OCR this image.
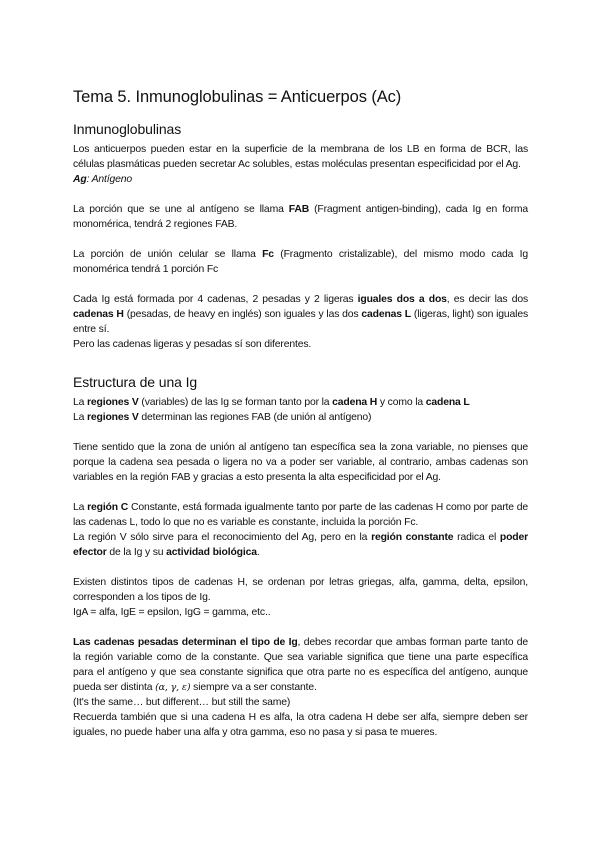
Tema 5. Inmunoglobulinas = Anticuerpos (Ac)
Inmunoglobulinas

Los anticuerpos pueden estar en la superficie de la membrana de los LB en forma de BCR, las células plasmáticas pueden secretar Ac solubles, estas moléculas presentan especificidad por el Ag.
Ag: Antígeno

La porción que se une al antígeno se llama FAB (Fragment antigen-binding), cada Ig en forma monomérica, tendrá 2 regiones FAB.

La porción de unión celular se llama Fc (Fragmento cristalizable), del mismo modo cada Ig monomérica tendrá 1 porción Fc

Cada Ig está formada por 4 cadenas, 2 pesadas y 2 ligeras iguales dos a dos, es decir las dos cadenas H (pesadas, de heavy en inglés) son iguales y las dos cadenas L (ligeras, light) son iguales entre sí.
Pero las cadenas ligeras y pesadas sí son diferentes.

Estructura de una Ig

La regiones V (variables) de las Ig se forman tanto por la cadena H y como la cadena L
La regiones V determinan las regiones FAB (de unión al antígeno)

Tiene sentido que la zona de unión al antígeno tan específica sea la zona variable, no pienses que porque la cadena sea pesada o ligera no va a poder ser variable, al contrario, ambas cadenas son variables en la región FAB y gracias a esto presenta la alta especificidad por el Ag.

La región C Constante, está formada igualmente tanto por parte de las cadenas H como por parte de las cadenas L, todo lo que no es variable es constante, incluida la porción Fc.
La región V sólo sirve para el reconocimiento del Ag, pero en la región constante radica el poder efector de la Ig y su actividad biológica.

Existen distintos tipos de cadenas H, se ordenan por letras griegas, alfa, gamma, delta, epsilon, corresponden a los tipos de Ig.
IgA = alfa, IgE = epsilon, IgG = gamma, etc..

Las cadenas pesadas determinan el tipo de Ig, debes recordar que ambas forman parte tanto de la región variable como de la constante. Que sea variable significa que tiene una parte específica para el antígeno y que sea constante significa que otra parte no es específica del antígeno, aunque pueda ser distinta (α, γ, ε) siempre va a ser constante.
(It's the same… but different… but still the same)
Recuerda también que si una cadena H es alfa, la otra cadena H debe ser alfa, siempre deben ser iguales, no puede haber una alfa y otra gamma, eso no pasa y si pasa te mueres.
